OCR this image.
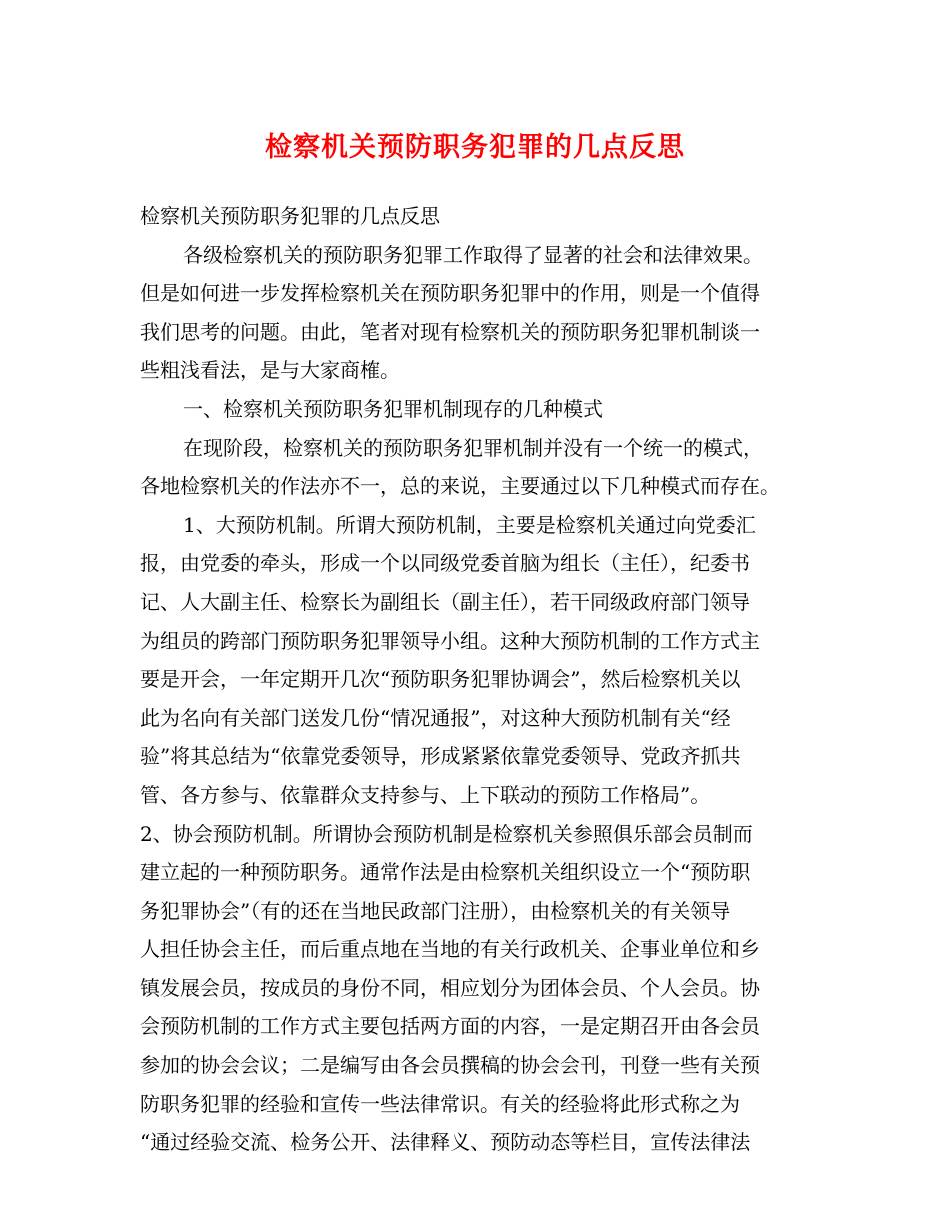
检察机关预防职务犯罪的几点反思

检察机关预防职务犯罪的几点反思

各级检察机关的预防职务犯罪工作取得了显著的社会和法律效果。

但是如何进一步发挥检察机关在预防职务犯罪中的作用，则是一个值得

我们思考的问题。由此，笔者对现有检察机关的预防职务犯罪机制谈一

些粗浅看法，是与大家商榷。

一、检察机关预防职务犯罪机制现存的几种模式

在现阶段，检察机关的预防职务犯罪机制并没有一个统一的模式，

各地检察机关的作法亦不一，总的来说，主要通过以下几种模式而存在。

1、大预防机制。所谓大预防机制，主要是检察机关通过向党委汇

报，由党委的牵头，形成一个以同级党委首脑为组长（主任），纪委书

记、人大副主任、检察长为副组长（副主任），若干同级政府部门领导

为组员的跨部门预防职务犯罪领导小组。这种大预防机制的工作方式主

要是开会，一年定期开几次“预防职务犯罪协调会”，然后检察机关以

此为名向有关部门送发几份“情况通报”，对这种大预防机制有关“经

验”将其总结为“依靠党委领导，形成紧紧依靠党委领导、党政齐抓共

管、各方参与、依靠群众支持参与、上下联动的预防工作格局”。

2、协会预防机制。所谓协会预防机制是检察机关参照俱乐部会员制而

建立起的一种预防职务。通常作法是由检察机关组织设立一个“预防职

务犯罪协会”（有的还在当地民政部门注册），由检察机关的有关领导

人担任协会主任，而后重点地在当地的有关行政机关、企事业单位和乡

镇发展会员，按成员的身份不同，相应划分为团体会员、个人会员。协

会预防机制的工作方式主要包括两方面的内容，一是定期召开由各会员

参加的协会会议；二是编写由各会员撰稿的协会会刊，刊登一些有关预

防职务犯罪的经验和宣传一些法律常识。有关的经验将此形式称之为

“通过经验交流、检务公开、法律释义、预防动态等栏目，宣传法律法
